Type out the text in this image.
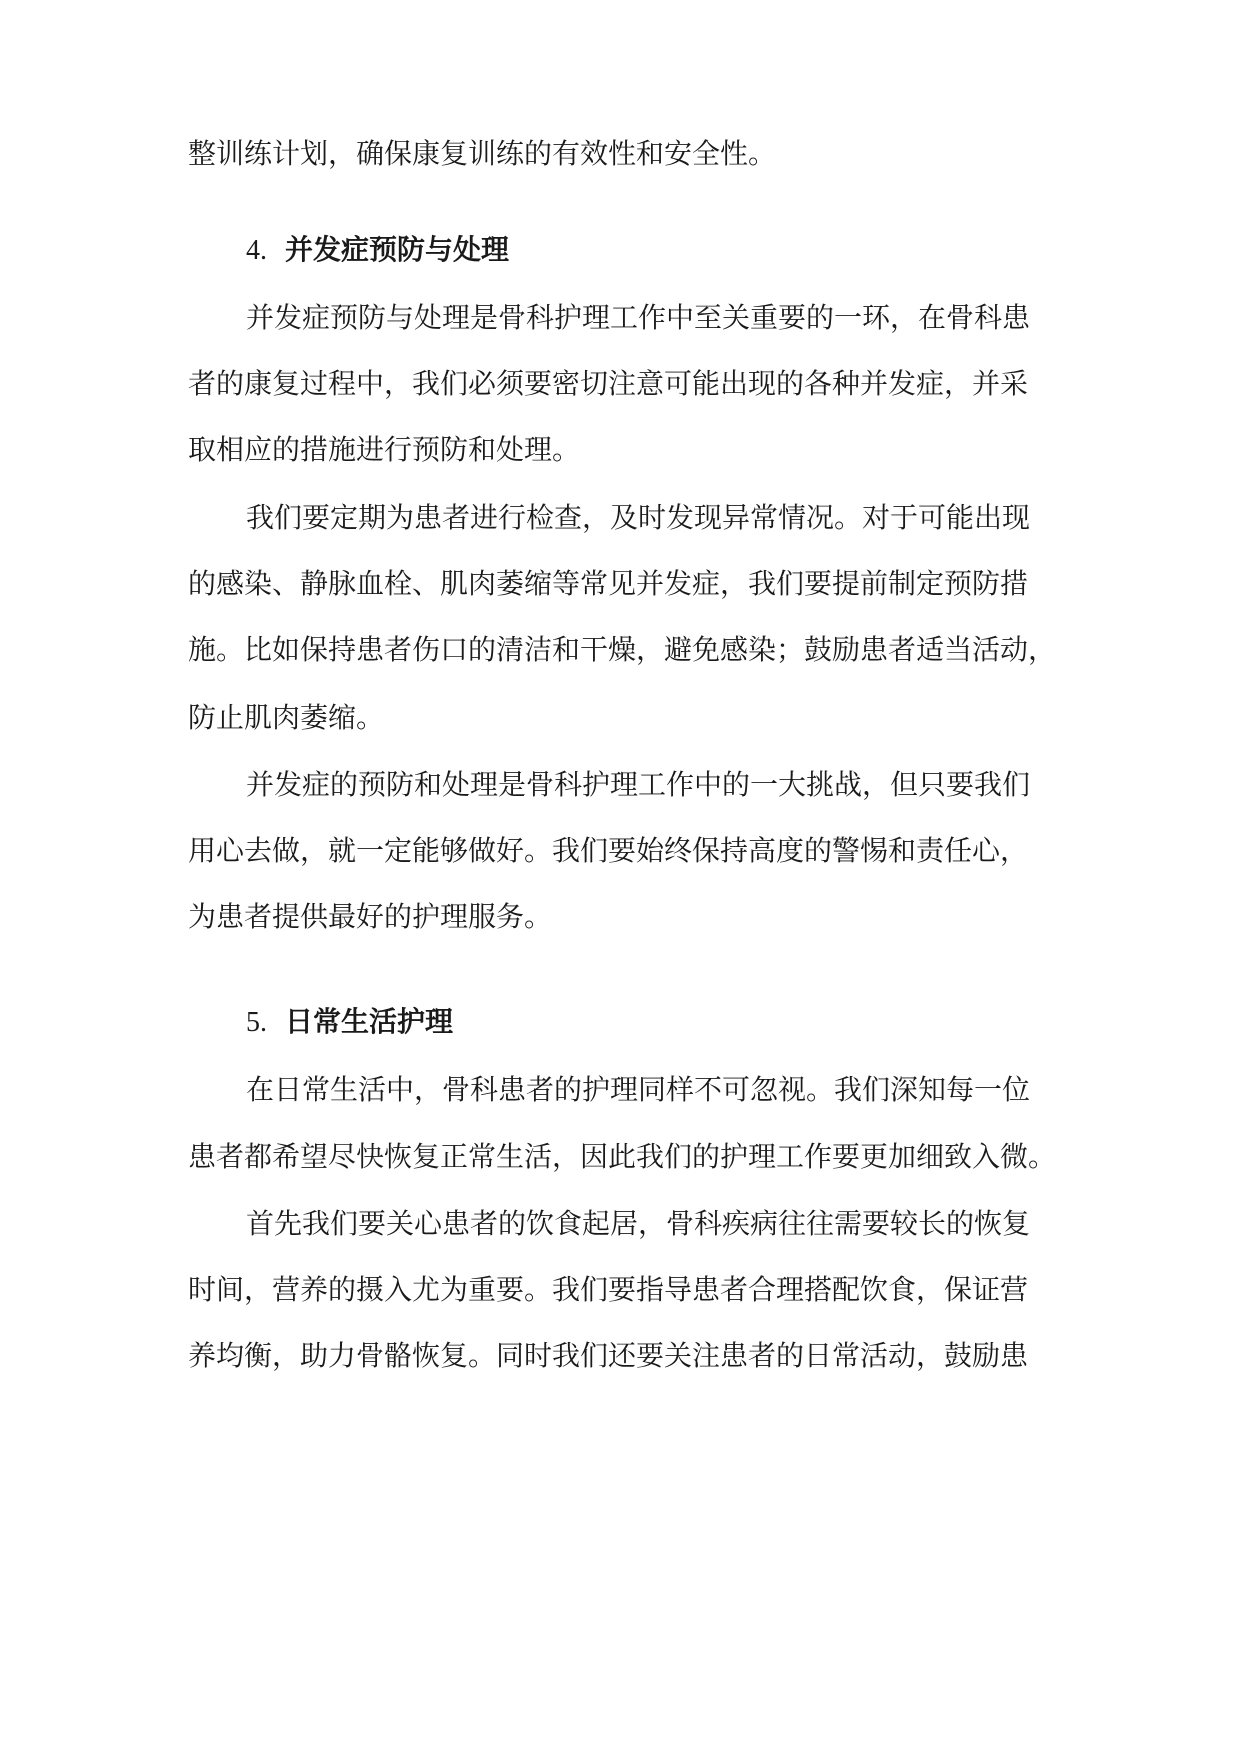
整训练计划，确保康复训练的有效性和安全性。
4. 并发症预防与处理
并发症预防与处理是骨科护理工作中至关重要的一环，在骨科患
者的康复过程中，我们必须要密切注意可能出现的各种并发症，并采
取相应的措施进行预防和处理。
我们要定期为患者进行检查，及时发现异常情况。对于可能出现
的感染、静脉血栓、肌肉萎缩等常见并发症，我们要提前制定预防措
施。比如保持患者伤口的清洁和干燥，避免感染；鼓励患者适当活动，
防止肌肉萎缩。
并发症的预防和处理是骨科护理工作中的一大挑战，但只要我们
用心去做，就一定能够做好。我们要始终保持高度的警惕和责任心，
为患者提供最好的护理服务。
5. 日常生活护理
在日常生活中，骨科患者的护理同样不可忽视。我们深知每一位
患者都希望尽快恢复正常生活，因此我们的护理工作要更加细致入微。
首先我们要关心患者的饮食起居，骨科疾病往往需要较长的恢复
时间，营养的摄入尤为重要。我们要指导患者合理搭配饮食，保证营
养均衡，助力骨骼恢复。同时我们还要关注患者的日常活动，鼓励患
